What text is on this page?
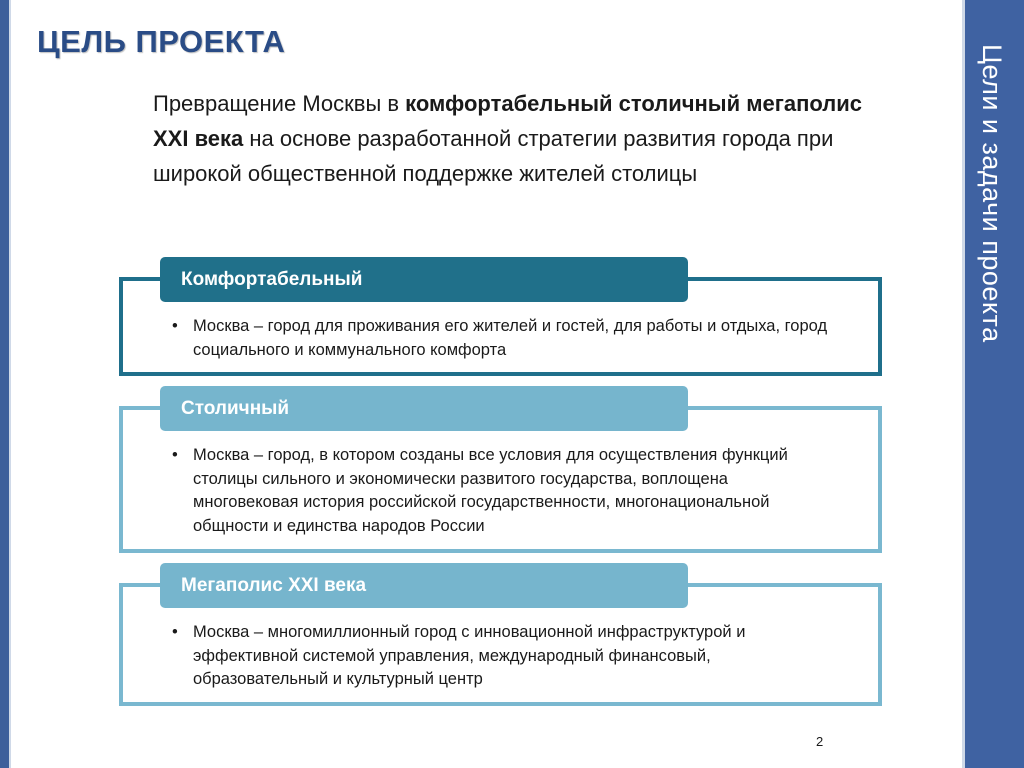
Цели и задачи проекта
ЦЕЛЬ ПРОЕКТА

Превращение Москвы в комфортабельный столичный мегаполис XXI века на основе разработанной стратегии развития города при широкой общественной поддержке жителей столицы

Комфортабельный
• Москва – город для проживания его жителей и гостей, для работы и отдыха, город социального и коммунального комфорта
Столичный
• Москва – город, в котором созданы все условия для осуществления функций столицы сильного и экономически развитого государства, воплощена многовековая история российской государственности, многонациональной общности и единства народов России
Мегаполис XXI века
• Москва – многомиллионный город с инновационной инфраструктурой и эффективной системой управления, международный финансовый, образовательный и культурный центр
2
